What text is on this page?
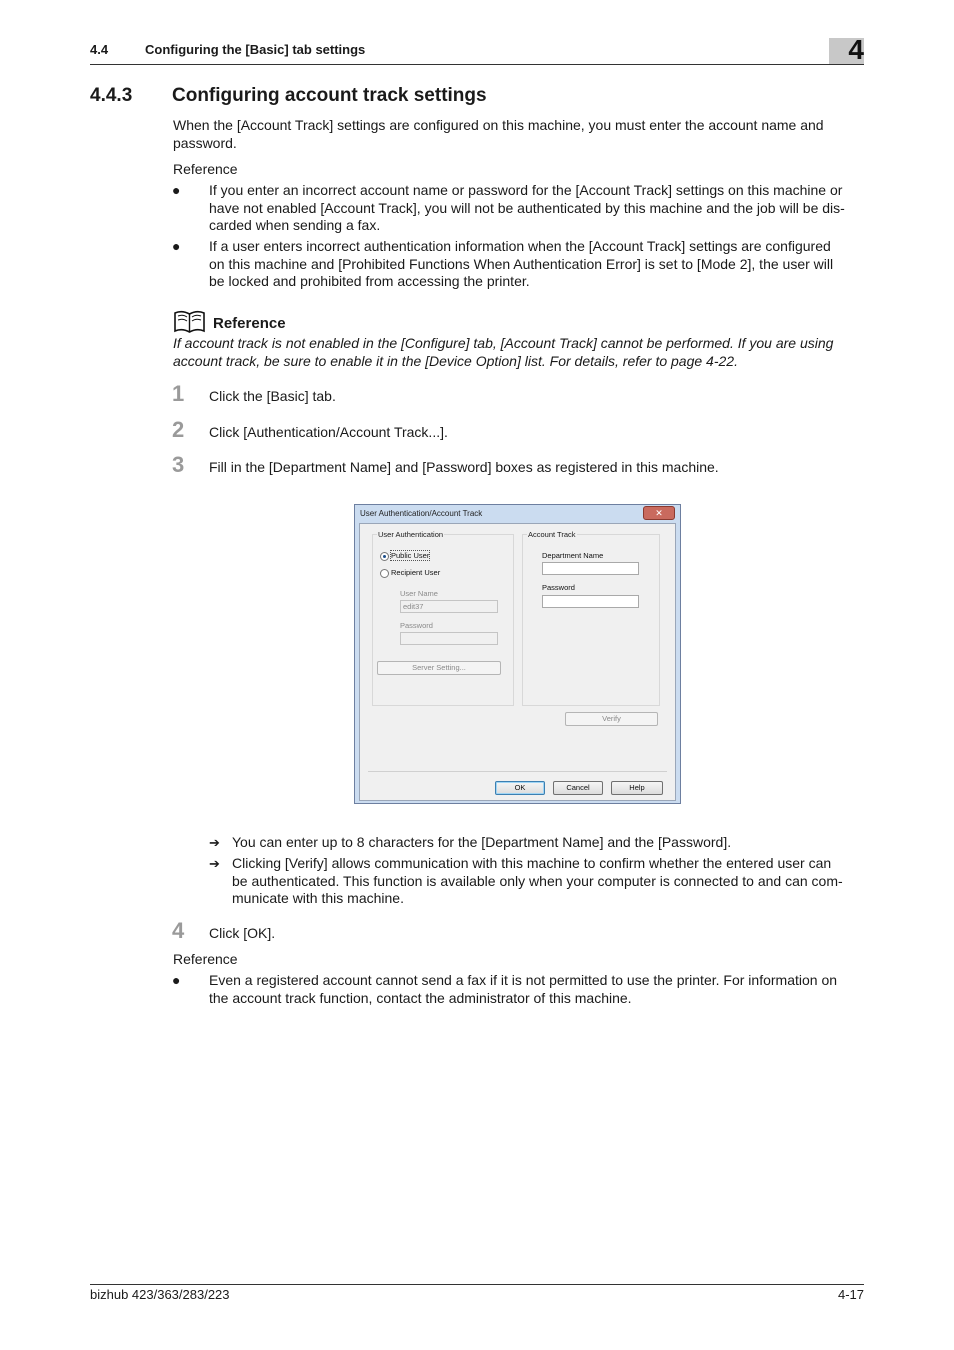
4.4	Configuring the [Basic] tab settings	4
4.4.3 Configuring account track settings
When the [Account Track] settings are configured on this machine, you must enter the account name and
password.
Reference
● If you enter an incorrect account name or password for the [Account Track] settings on this machine or
have not enabled [Account Track], you will not be authenticated by this machine and the job will be dis-
carded when sending a fax.
● If a user enters incorrect authentication information when the [Account Track] settings are configured
on this machine and [Prohibited Functions When Authentication Error] is set to [Mode 2], the user will
be locked and prohibited from accessing the printer.
Reference
If account track is not enabled in the [Configure] tab, [Account Track] cannot be performed. If you are using
account track, be sure to enable it in the [Device Option] list. For details, refer to page 4-22.
1 Click the [Basic] tab.
2 Click [Authentication/Account Track...].
3 Fill in the [Department Name] and [Password] boxes as registered in this machine.
User Authentication/Account Track	✕
User Authentication
Public User
Recipient User
User Name
edit37
Password
Server Setting...
Account Track
Department Name
Password
Verify
OK	Cancel	Help
➔ You can enter up to 8 characters for the [Department Name] and the [Password].
➔ Clicking [Verify] allows communication with this machine to confirm whether the entered user can
be authenticated. This function is available only when your computer is connected to and can com-
municate with this machine.
4 Click [OK].
Reference
● Even a registered account cannot send a fax if it is not permitted to use the printer. For information on
the account track function, contact the administrator of this machine.
bizhub 423/363/283/223	4-17
